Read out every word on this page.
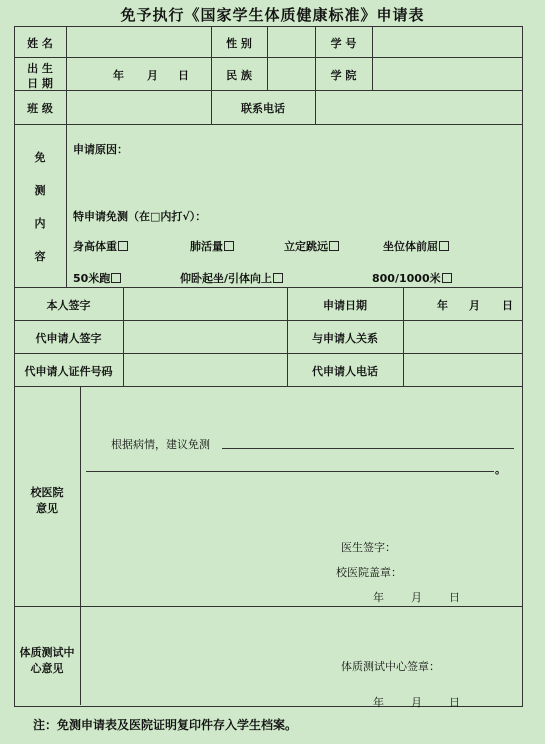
免予执行《国家学生体质健康标准》申请表
姓 名	性 别	学 号
出 生
日 期
年 月 日	民 族	学 院
班 级	联系电话
免
测
内
容
申请原因：
特申请免测（在□内打√）：
身高体重	肺活量	立定跳远	坐位体前屈
50米跑	仰卧起坐/引体向上	800/1000米
本人签字	申请日期	年 月 日
代申请人签字	与申请人关系
代申请人证件号码	代申请人电话
校医院
意见
根据病情，建议免测
。
医生签字：
校医院盖章：
年 月 日
体质测试中
心意见	体质测试中心签章：
年 月 日
注：免测申请表及医院证明复印件存入学生档案。
